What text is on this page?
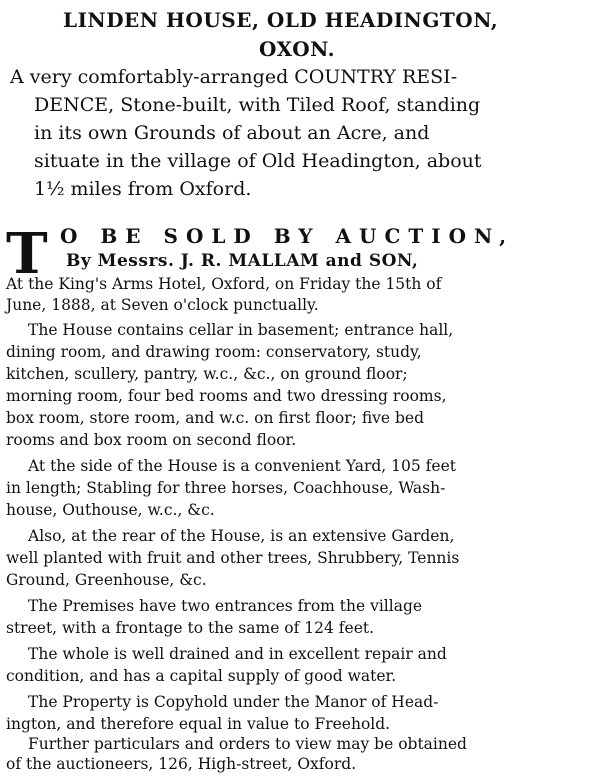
LINDEN HOUSE, OLD HEADINGTON,
OXON.
A very comfortably-arranged COUNTRY RESI-
DENCE, Stone-built, with Tiled Roof, standing
in its own Grounds of about an Acre, and
situate in the village of Old Headington, about
1½ miles from Oxford.
T O BE SOLD BY AUCTION,
By Messrs. J. R. MALLAM and SON,
At the King's Arms Hotel, Oxford, on Friday the 15th of
June, 1888, at Seven o'clock punctually.
The House contains cellar in basement; entrance hall,
dining room, and drawing room: conservatory, study,
kitchen, scullery, pantry, w.c., &c., on ground floor;
morning room, four bed rooms and two dressing rooms,
box room, store room, and w.c. on first floor; five bed
rooms and box room on second floor.
At the side of the House is a convenient Yard, 105 feet
in length; Stabling for three horses, Coachhouse, Wash-
house, Outhouse, w.c., &c.
Also, at the rear of the House, is an extensive Garden,
well planted with fruit and other trees, Shrubbery, Tennis
Ground, Greenhouse, &c.
The Premises have two entrances from the village
street, with a frontage to the same of 124 feet.
The whole is well drained and in excellent repair and
condition, and has a capital supply of good water.
The Property is Copyhold under the Manor of Head-
ington, and therefore equal in value to Freehold.
Further particulars and orders to view may be obtained
of the auctioneers, 126, High-street, Oxford.
